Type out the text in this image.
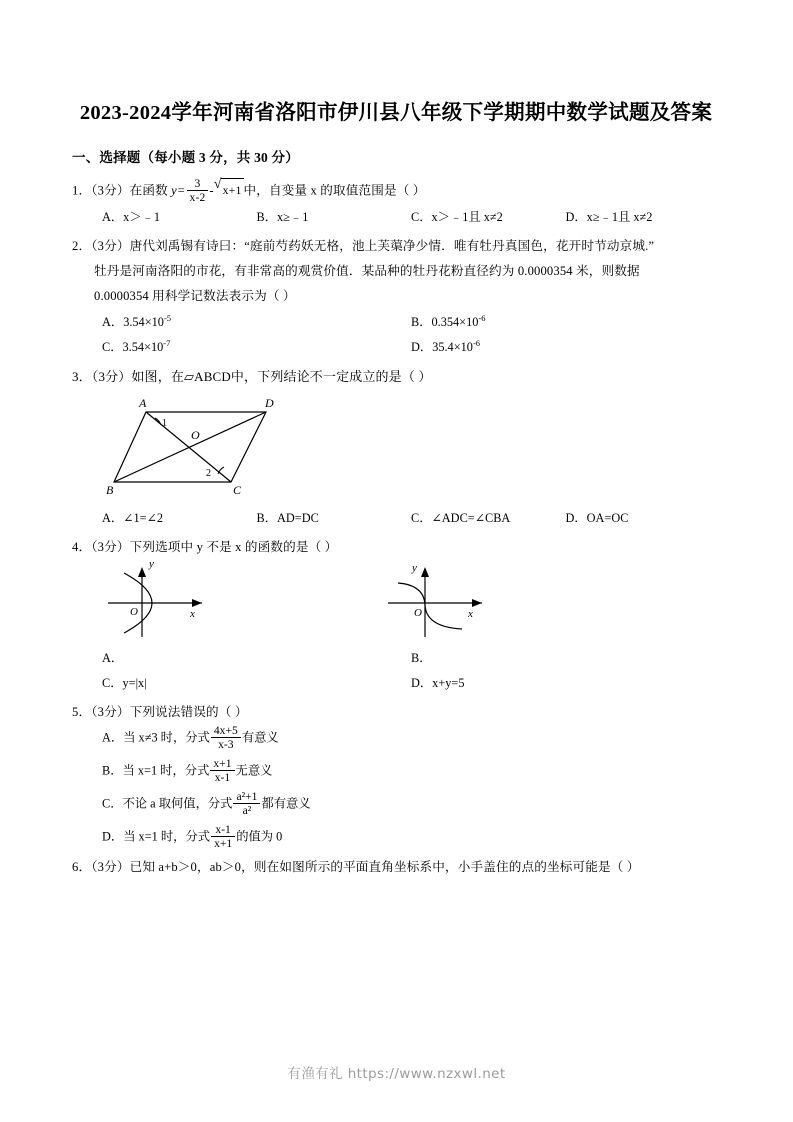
2023-2024学年河南省洛阳市伊川县八年级下学期期中数学试题及答案
一、选择题（每小题 3 分，共 30 分）
1．（3分）在函数 $y= \frac{3}{x-2}$ - √ x+1 中，自变量 x 的取值范围是（ ）
A．x＞﹣1	B．x≥﹣1	C．x＞﹣1且 x≠2	D．x≥﹣1且 x≠2
2．（3分）唐代刘禹锡有诗曰：“庭前芍药妖无格，池上芙蕖净少情．唯有牡丹真国色，花开时节动京城.”
牡丹是河南洛阳的市花，有非常高的观赏价值．某品种的牡丹花粉直径约为 0.0000354 米，则数据
0.0000354 用科学记数法表示为（ ）
A．$3.54\times 10^{-5}$	B．$0.354\times 10^{-6}$
C．$3.54\times 10^{-7}$	D．$35.4\times 10^{-6}$
3．（3分）如图，在▱ABCD中，下列结论不一定成立的是（ ）
A	D
B	C
O
1
2
A．∠1=∠2	B．AD=DC	C．∠ADC=∠CBA	D．OA=OC
4．（3分）下列选项中 y 不是 x 的函数的是（ ）
y
x
O
y
x
O
A．	B．
C．y=|x|	D．x+y=5
5．（3分）下列说法错误的（ ）
A．当 x≠3 时，分式 $\frac{4x+5}{x-3}$ 有意义
B．当 x=1 时，分式 $\frac{x+1}{x-1}$ 无意义
C．不论 a 取何值，分式 $\frac{\text{a²+1}}{\text{a²}}$ 都有意义
D．当 x=1 时，分式 $\frac{x-1}{x+1}$ 的值为 0
6．（3分）已知 a+b＞0，ab＞0，则在如图所示的平面直角坐标系中，小手盖住的点的坐标可能是（ ）
有渔有礼 https://www.nzxwl.net
